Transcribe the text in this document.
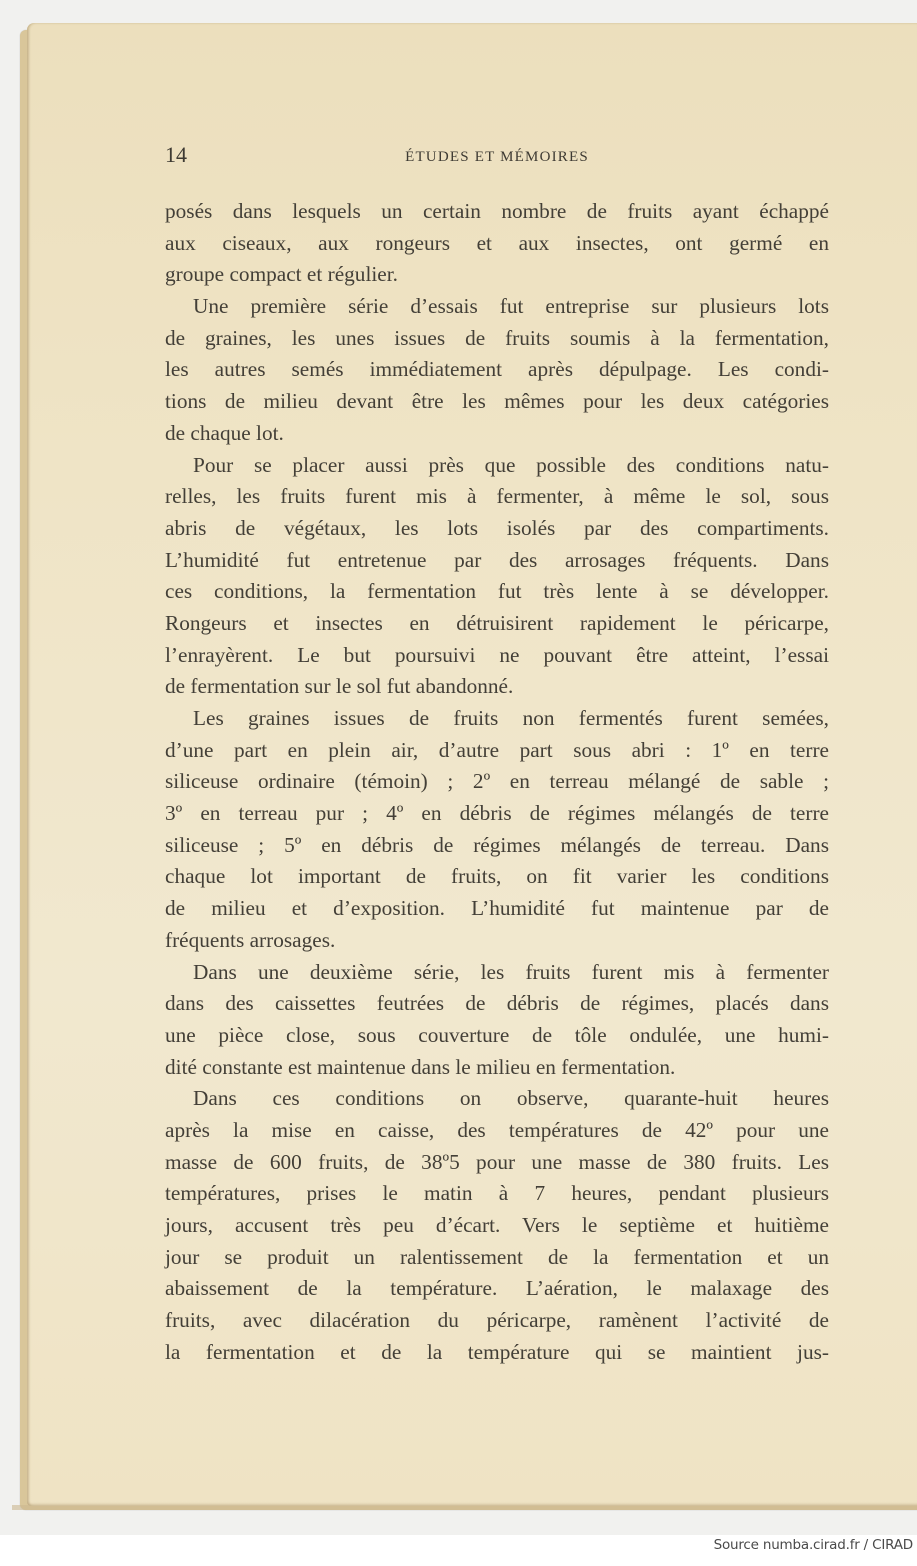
14	ÉTUDES ET MÉMOIRES

posés dans lesquels un certain nombre de fruits ayant échappé
aux ciseaux, aux rongeurs et aux insectes, ont germé en
groupe compact et régulier.

Une première série d’essais fut entreprise sur plusieurs lots
de graines, les unes issues de fruits soumis à la fermentation,
les autres semés immédiatement après dépulpage. Les condi-
tions de milieu devant être les mêmes pour les deux catégories
de chaque lot.

Pour se placer aussi près que possible des conditions natu-
relles, les fruits furent mis à fermenter, à même le sol, sous
abris de végétaux, les lots isolés par des compartiments.
L’humidité fut entretenue par des arrosages fréquents. Dans
ces conditions, la fermentation fut très lente à se développer.
Rongeurs et insectes en détruisirent rapidement le péricarpe,
l’enrayèrent. Le but poursuivi ne pouvant être atteint, l’essai
de fermentation sur le sol fut abandonné.

Les graines issues de fruits non fermentés furent semées,
d’une part en plein air, d’autre part sous abri : 1º en terre
siliceuse ordinaire (témoin) ; 2º en terreau mélangé de sable ;
3º en terreau pur ; 4º en débris de régimes mélangés de terre
siliceuse ; 5º en débris de régimes mélangés de terreau. Dans
chaque lot important de fruits, on fit varier les conditions
de milieu et d’exposition. L’humidité fut maintenue par de
fréquents arrosages.

Dans une deuxième série, les fruits furent mis à fermenter
dans des caissettes feutrées de débris de régimes, placés dans
une pièce close, sous couverture de tôle ondulée, une humi-
dité constante est maintenue dans le milieu en fermentation.

Dans ces conditions on observe, quarante-huit heures
après la mise en caisse, des températures de 42º pour une
masse de 600 fruits, de 38º5 pour une masse de 380 fruits. Les
températures, prises le matin à 7 heures, pendant plusieurs
jours, accusent très peu d’écart. Vers le septième et huitième
jour se produit un ralentissement de la fermentation et un
abaissement de la température. L’aération, le malaxage des
fruits, avec dilacération du péricarpe, ramènent l’activité de
la fermentation et de la température qui se maintient jus-

Source numba.cirad.fr / CIRAD
